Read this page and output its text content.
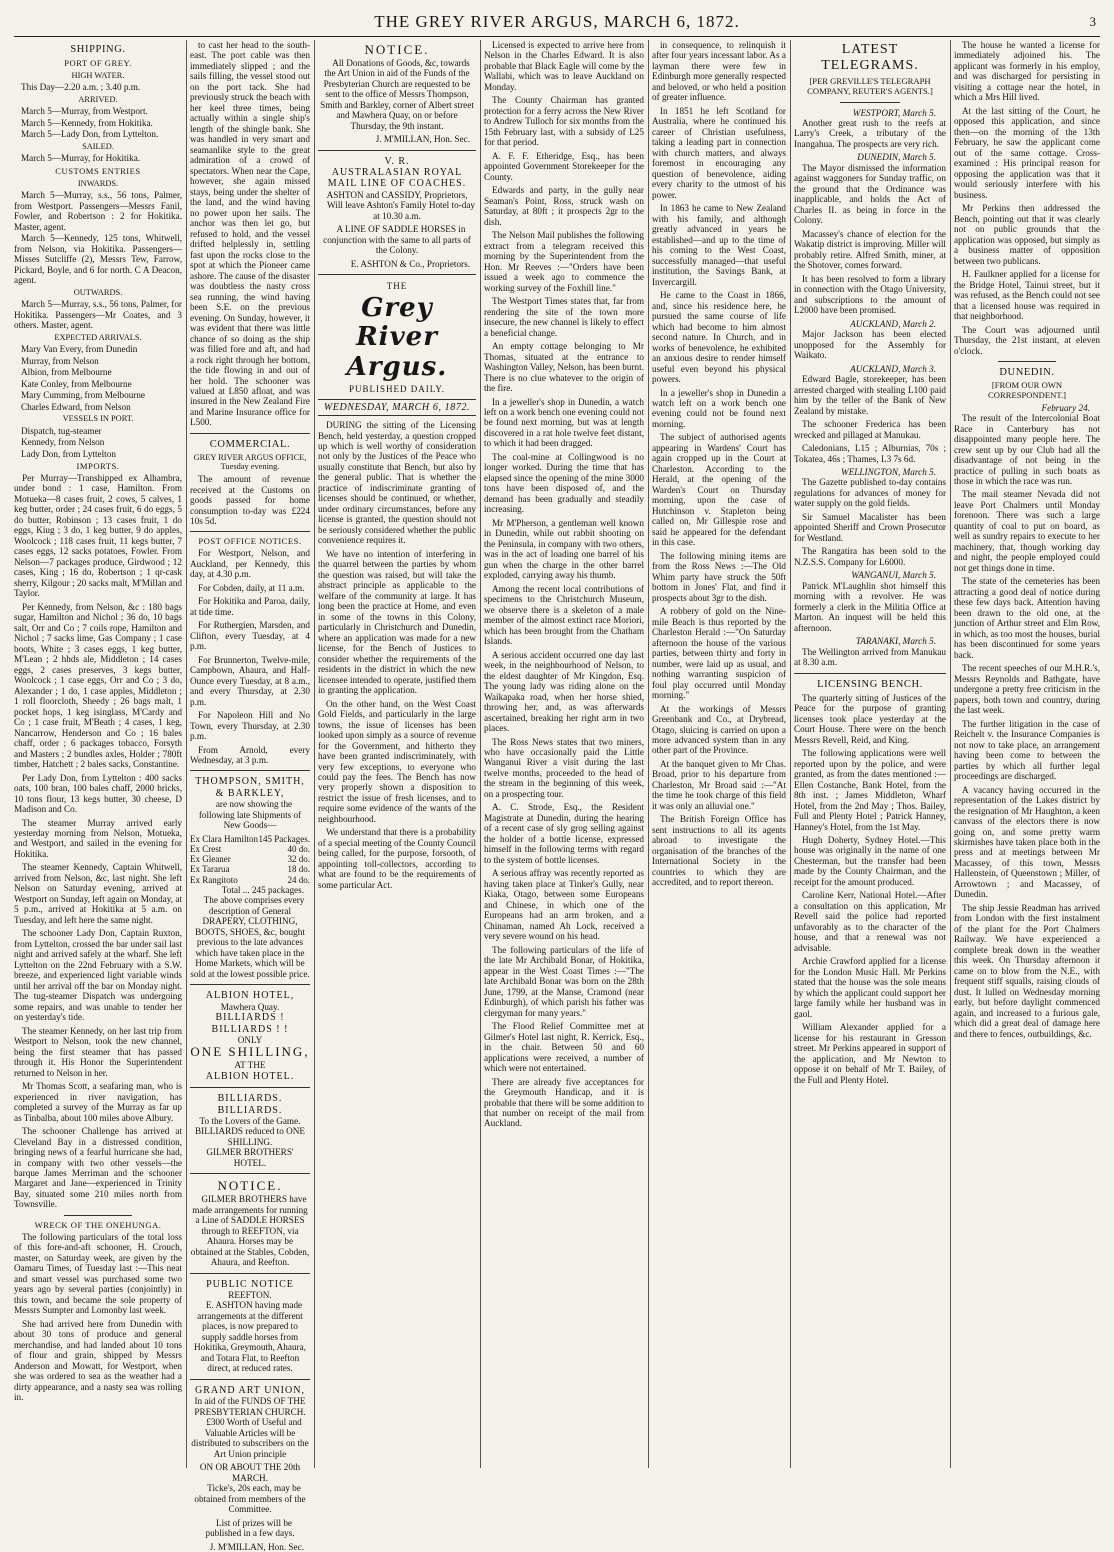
THE GREY RIVER ARGUS, MARCH 6, 1872.	3
SHIPPING.
PORT OF GREY.
HIGH WATER.
This Day—2.20 a.m. ; 3.40 p.m.
ARRIVED.
March 5—Murray, from Westport.
March 5—Kennedy, from Hokitika.
March 5—Lady Don, from Lyttelton.
SAILED.
March 5—Murray, for Hokitika.
CUSTOMS ENTRIES
INWARDS.
March 5—Murray, s.s., 56 tons, Palmer, from Westport. Passengers—Messrs Fanil, Fowler, and Robertson : 2 for Hokitika. Master, agent.
March 5—Kennedy, 125 tons, Whitwell, from Nelson, via Hokitika. Passengers—Misses Sutcliffe (2), Messrs Tew, Farrow, Pickard, Boyle, and 6 for north. C A Deacon, agent.
OUTWARDS.
March 5—Murray, s.s., 56 tons, Palmer, for Hokitika. Passengers—Mr Coates, and 3 others. Master, agent.
EXPECTED ARRIVALS.
Mary Van Every, from Dunedin
Murray, from Nelson
Albion, from Melbourne
Kate Conley, from Melbourne
Mary Cumming, from Melbourne
Charles Edward, from Nelson
VESSELS IN PORT.
Dispatch, tug-steamer
Kennedy, from Nelson
Lady Don, from Lyttelton
IMPORTS.

Per Murray—Transhipped ex Alhambra, under bond : 1 case, Hamilton. From Motueka—8 cases fruit, 2 cows, 5 calves, 1 keg butter, order ; 24 cases fruit, 6 do eggs, 5 do butter, Robinson ; 13 cases fruit, 1 do eggs, Kiug ; 3 do, 1 keg butter, 9 do apples, Woolcock ; 118 cases fruit, 11 kegs butter, 7 cases eggs, 12 sacks potatoes, Fowler. From Nelson—7 packages produce, Girdwood ; 12 cases, King ; 16 do, Robertson ; 1 qr-cask sherry, Kilgour ; 20 sacks malt, M'Millan and Taylor.

Per Kennedy, from Nelson, &c : 180 bags sugar, Hamilton and Nichol ; 36 do, 10 bags salt, Orr and Co ; 7 coils rope, Hamilton and Nichol ; 7 sacks lime, Gas Company ; 1 case boots, White ; 3 cases eggs, 1 keg butter, M'Lean ; 2 hhds ale, Middleton ; 14 cases eggs, 2 cases preserves, 3 kegs butter, Woolcock ; 1 case eggs, Orr and Co ; 3 do, Alexander ; 1 do, 1 case apples, Middleton ; 1 roll floorcloth, Sheedy ; 26 bags malt, 1 pocket hops, 1 keg isinglass, M'Cardy and Co ; 1 case fruit, M'Beath ; 4 cases, 1 keg, Nancarrow, Henderson and Co ; 16 bales chaff, order ; 6 packages tobacco, Forsyth and Masters ; 2 bundles axles, Holder ; 780ft timber, Hatchett ; 2 bales sacks, Constantine.

Per Lady Don, from Lyttelton : 400 sacks oats, 100 bran, 100 bales chaff, 2000 bricks, 10 tons flour, 13 kegs butter, 30 cheese, D Madison and Co.

The steamer Murray arrived early yesterday morning from Nelson, Motueka, and Westport, and sailed in the evening for Hokitika.

The steamer Kennedy, Captain Whitwell, arrived from Nelson, &c, last night. She left Nelson on Saturday evening, arrived at Westport on Sunday, left again on Monday, at 5 p.m., arrived at Hokitika at 5 a.m. on Tuesday, and left here the same night.

The schooner Lady Don, Captain Ruxton, from Lyttelton, crossed the bar under sail last night and arrived safely at the wharf. She left Lyttelton on the 22nd February with a S.W. breeze, and experienced light variable winds until her arrival off the bar on Monday night. The tug-steamer Dispatch was undergoing some repairs, and was unable to tender her on yesterday's tide.

The steamer Kennedy, on her last trip from Westport to Nelson, took the new channel, being the first steamer that has passed through it. His Honor the Superintendent returned to Nelson in her.

Mr Thomas Scott, a seafaring man, who is experienced in river navigation, has completed a survey of the Murray as far up as Tinbalba, about 100 miles above Albury.

The schooner Challenge has arrived at Cleveland Bay in a distressed condition, bringing news of a fearful hurricane she had, in company with two other vessels—the barque James Merriman and the schooner Margaret and Jane—experienced in Trinity Bay, situated some 210 miles north from Townsville.

WRECK OF THE ONEHUNGA.

The following particulars of the total loss of this fore-and-aft schooner, H. Crouch, master, on Saturday week, are given by the Oamaru Times, of Tuesday last :—This neat and smart vessel was purchased some two years ago by several parties (conjointly) in this town, and became the sole property of Messrs Sumpter and Lomonby last week.

She had arrived here from Dunedin with about 30 tons of produce and general merchandise, and had landed about 10 tons of flour and grain, shipped by Messrs Anderson and Mowatt, for Westport, when she was ordered to sea as the weather had a dirty appearance, and a nasty sea was rolling in.

to cast her head to the south-east. The port cable was then immediately slipped ; and the sails filling, the vessel stood out on the port tack. She had previously struck the beach with her keel three times, being actually within a single ship's length of the shingle bank. She was handled in very smart and seamanlike style to the great admiration of a crowd of spectators. When near the Cape, however, she again missed stays, being under the shelter of the land, and the wind having no power upon her sails. The anchor was then let go, but refused to hold, and the vessel drifted helplessly in, settling fast upon the rocks close to the spot at which the Pioneer came ashore. The cause of the disaster was doubtless the nasty cross sea running, the wind having been S.E. on the previous evening. On Sunday, however, it was evident that there was little chance of so doing as the ship was filled fore and aft, and had a rock right through her bottom, the tide flowing in and out of her hold. The schooner was valued at L850 afloat, and was insured in the New Zealand Fire and Marine Insurance office for L500.

COMMERCIAL.
GREY RIVER ARGUS OFFICE, Tuesday evening.

The amount of revenue received at the Customs on goods passed for home consumption to-day was £224 10s 5d.

POST OFFICE NOTICES.

For Westport, Nelson, and Auckland, per Kennedy, this day, at 4.30 p.m.

For Cobden, daily, at 11 a.m.

For Hokitika and Paroa, daily, at tide time.

For Ruthergien, Marsden, and Clifton, every Tuesday, at 4 p.m.

For Brunnerton, Twelve-mile, Campbown, Ahaura, and Half-Ounce every Tuesday, at 8 a.m., and every Thursday, at 2.30 p.m.

For Napoleon Hill and No Town, every Thursday, at 2.30 p.m.

From Arnold, every Wednesday, at 3 p.m.

THOMPSON, SMITH, & BARKLEY,

are now showing the following late Shipments of New Goods—

Ex Clara Hamilton 145 Packages.
Ex Crest	40 do.
Ex Gleaner	32 do.
Ex Tararua	18 do.
Ex Rangitoto	24 do.
Total ... 245 packages.

The above comprises every description of General DRAPERY, CLOTHING, BOOTS, SHOES, &c, bought previous to the late advances which have taken place in the Home Markets, which will be sold at the lowest possible price.

ALBION HOTEL,
Mawhera Quay.
BILLIARDS ! BILLIARDS ! !
ONLY
ONE SHILLING,
AT THE
ALBION HOTEL.
BILLIARDS. BILLIARDS.
To the Lovers of the Game.
BILLIARDS reduced to ONE SHILLING.
GILMER BROTHERS' HOTEL.
NOTICE.

GILMER BROTHERS have made arrangements for running a Line of SADDLE HORSES through to REEFTON, via Ahaura. Horses may be obtained at the Stables, Cobden, Ahaura, and Reefton.

PUBLIC NOTICE
REEFTON.

E. ASHTON having made arrangements at the different places, is now prepared to supply saddle horses from Hokitika, Greymouth, Ahaura, and Totara Flat, to Reefton direct, at reduced rates.

GRAND ART UNION,
In aid of the FUNDS OF THE PRESBYTERIAN CHURCH.

£300 Worth of Useful and Valuable Articles will be distributed to subscribers on the Art Union principle

ON OR ABOUT THE 20th MARCH.

Ticke's, 20s each, may be obtained from members of the Committee.

List of prizes will be published in a few days.

J. M'MILLAN, Hon. Sec.
NOTICE.

All Donations of Goods, &c, towards the Art Union in aid of the Funds of the Presbyterian Church are requested to be sent to the office of Messrs Thompson, Smith and Barkley, corner of Albert street and Mawhera Quay, on or before Thursday, the 9th instant.

J. M'MILLAN, Hon. Sec.
V. R.
AUSTRALASIAN ROYAL MAIL LINE OF COACHES.
ASHTON and CASSIDY, Proprietors,

Will leave Ashton's Family Hotel to-day at 10.30 a.m.

A LINE OF SADDLE HORSES in conjunction with the same to all parts of the Colony.

E. ASHTON & Co., Proprietors.
THE
Grey River Argus.
PUBLISHED DAILY.
WEDNESDAY, MARCH 6, 1872.

DURING the sitting of the Licensing Bench, held yesterday, a question cropped up which is well worthy of consideration not only by the Justices of the Peace who usually constitute that Bench, but also by the general public. That is whether the practice of indiscriminate granting of licenses should be continued, or whether, under ordinary circumstances, before any license is granted, the question should not be seriously considered whether the public convenience requires it.

We have no intention of interfering in the quarrel between the parties by whom the question was raised, but will take the abstract principle as applicable to the welfare of the community at large. It has long been the practice at Home, and even in some of the towns in this Colony, particularly in Christchurch and Dunedin, where an application was made for a new license, for the Bench of Justices to consider whether the requirements of the residents in the district in which the new licensee intended to operate, justified them in granting the application.

On the other hand, on the West Coast Gold Fields, and particularly in the large towns, the issue of licenses has been looked upon simply as a source of revenue for the Government, and hitherto they have been granted indiscriminately, with very few exceptions, to everyone who could pay the fees. The Bench has now very properly shown a disposition to restrict the issue of fresh licenses, and to require some evidence of the wants of the neighbourhood.

We understand that there is a probability of a special meeting of the County Council being called, for the purpose, forsooth, of appointing toll-collectors, according to what are found to be the requirements of some particular Act.

Licensed is expected to arrive here from Nelson in the Charles Edward. It is also probable that Black Eagle will come by the Wallabi, which was to leave Auckland on Monday.

The County Chairman has granted protection for a ferry across the New River to Andrew Tulloch for six months from the 15th February last, with a subsidy of L25 for that period.

A. F. F. Etheridge, Esq., has been appointed Government Storekeeper for the County.

Edwards and party, in the gully near Seaman's Point, Ross, struck wash on Saturday, at 80ft ; it prospects 2gr to the dish.

The Nelson Mail publishes the following extract from a telegram received this morning by the Superintendent from the Hon. Mr Reeves :—"Orders have been issued a week ago to commence the working survey of the Foxhill line."

The Westport Times states that, far from rendering the site of the town more insecure, the new channel is likely to effect a beneficial change.

An empty cottage belonging to Mr Thomas, situated at the entrance to Washington Valley, Nelson, has been burnt. There is no clue whatever to the origin of the fire.

In a jeweller's shop in Dunedin, a watch left on a work bench one evening could not be found next morning, but was at length discovered in a rat hole twelve feet distant, to which it had been dragged.

The coal-mine at Collingwood is no longer worked. During the time that has elapsed since the opening of the mine 3000 tons have been disposed of, and the demand has been gradually and steadily increasing.

Mr M'Pherson, a gentleman well known in Dunedin, while out rabbit shooting on the Peninsula, in company with two others, was in the act of loading one barrel of his gun when the charge in the other barrel exploded, carrying away his thumb.

Among the recent local contributions of specimens to the Christchurch Museum, we observe there is a skeleton of a male member of the almost extinct race Moriori, which has been brought from the Chatham Islands.

A serious accident occurred one day last week, in the neighbourhood of Nelson, to the eldest daughter of Mr Kingdon, Esq. The young lady was riding alone on the Waikapaka road, when her horse shied, throwing her, and, as was afterwards ascertained, breaking her right arm in two places.

The Ross News states that two miners, who have occasionally paid the Little Wanganui River a visit during the last twelve months, proceeded to the head of the stream in the beginning of this week, on a prospecting tour.

A. C. Strode, Esq., the Resident Magistrate at Dunedin, during the hearing of a recent case of sly grog selling against the holder of a bottle license, expressed himself in the following terms with regard to the system of bottle licenses.

A serious affray was recently reported as having taken place at Tinker's Gully, near Kiaka, Otago, between some Europeans and Chinese, in which one of the Europeans had an arm broken, and a Chinaman, named Ah Lock, received a very severe wound on his head.

The following particulars of the life of the late Mr Archibald Bonar, of Hokitika, appear in the West Coast Times :—"The late Archibald Bonar was born on the 28th June, 1799, at the Manse, Cramond (near Edinburgh), of which parish his father was clergyman for many years."

The Flood Relief Committee met at Gilmer's Hotel last night, R. Kerrick, Esq., in the chair. Between 50 and 60 applications were received, a number of which were not entertained.

There are already five acceptances for the Greymouth Handicap, and it is probable that there will be some addition to that number on receipt of the mail from Auckland.

in consequence, to relinquish it after four years incessant labor. As a layman there were few in Edinburgh more generally respected and beloved, or who held a position of greater influence.

In 1851 he left Scotland for Australia, where he continued his career of Christian usefulness, taking a leading part in connection with church matters, and always foremost in encouraging any question of benevolence, aiding every charity to the utmost of his power.

In 1863 he came to New Zealand with his family, and although greatly advanced in years he established—and up to the time of his coming to the West Coast, successfully managed—that useful institution, the Savings Bank, at Invercargill.

He came to the Coast in 1866, and, since his residence here, he pursued the same course of life which had become to him almost second nature. In Church, and in works of benevolence, he exhibited an anxious desire to render himself useful even beyond his physical powers.

In a jeweller's shop in Dunedin a watch left on a work bench one evening could not be found next morning.

The subject of authorised agents appearing in Wardens' Court has again cropped up in the Court at Charleston. According to the Herald, at the opening of the Warden's Court on Thursday morning, upon the case of Hutchinson v. Stapleton being called on, Mr Gillespie rose and said he appeared for the defendant in this case.

The following mining items are from the Ross News :—The Old Whim party have struck the 50ft bottom in Jones' Flat, and find it prospects about 3gr to the dish.

A robbery of gold on the Nine-mile Beach is thus reported by the Charleston Herald :—"On Saturday afternoon the house of the various parties, between thirty and forty in number, were laid up as usual, and nothing warranting suspicion of foul play occurred until Monday morning."

At the workings of Messrs Greenbank and Co., at Drybread, Otago, sluicing is carried on upon a more advanced system than in any other part of the Province.

At the banquet given to Mr Chas. Broad, prior to his departure from Charleston, Mr Broad said :—"At the time he took charge of this field it was only an alluvial one."

The British Foreign Office has sent instructions to all its agents abroad to investigate the organisation of the branches of the International Society in the countries to which they are accredited, and to report thereon.

LATEST TELEGRAMS.
[PER GREVILLE'S TELEGRAPH COMPANY, REUTER'S AGENTS.]
WESTPORT, March 5.

Another great rush to the reefs at Larry's Creek, a tributary of the Inangahua. The prospects are very rich.

DUNEDIN, March 5.

The Mayor dismissed the information against waggoners for Sunday traffic, on the ground that the Ordinance was inapplicable, and holds the Act of Charles II. as being in force in the Colony.

Macassey's chance of election for the Wakatip district is improving. Miller will probably retire. Alfred Smith, miner, at the Shotover, comes forward.

It has been resolved to form a library in connection with the Otago University, and subscriptions to the amount of L2000 have been promised.

AUCKLAND, March 2.

Major Jackson has been elected unopposed for the Assembly for Waikato.

AUCKLAND, March 3.

Edward Bagle, storekeeper, has been arrested charged with stealing L100 paid him by the teller of the Bank of New Zealand by mistake.

The schooner Frederica has been wrecked and pillaged at Manukau.

Caledonians, L15 ; Alburnias, 70s ; Tokatea, 46s ; Thames, L3 7s 6d.

WELLINGTON, March 5.

The Gazette published to-day contains regulations for advances of money for water supply on the gold fields.

Sir Samuel Macalister has been appointed Sheriff and Crown Prosecutor for Westland.

The Rangatira has been sold to the N.Z.S.S. Company for L6000.

WANGANUI, March 5.

Patrick M'Laughlin shot himself this morning with a revolver. He was formerly a clerk in the Militia Office at Marton. An inquest will be held this afternoon.

TARANAKI, March 5.

The Wellington arrived from Manukau at 8.30 a.m.

LICENSING BENCH.

The quarterly sitting of Justices of the Peace for the purpose of granting licenses took place yesterday at the Court House. There were on the bench Messrs Revell, Reid, and King.

The following applications were well reported upon by the police, and were granted, as from the dates mentioned :—Ellen Costanche, Bank Hotel, from the 8th inst. ; James Middleton, Wharf Hotel, from the 2nd May ; Thos. Bailey, Full and Plenty Hotel ; Patrick Hanney, Hanney's Hotel, from the 1st May.

Hugh Doherty, Sydney Hotel.—This house was originally in the name of one Chesterman, but the transfer had been made by the County Chairman, and the receipt for the amount produced.

Caroline Kerr, National Hotel.—After a consultation on this application, Mr Revell said the police had reported unfavorably as to the character of the house, and that a renewal was not advisable.

Archie Crawford applied for a license for the London Music Hall. Mr Perkins stated that the house was the sole means by which the applicant could support her large family while her husband was in gaol.

William Alexander applied for a license for his restaurant in Gresson street. Mr Perkins appeared in support of the application, and Mr Newton to oppose it on behalf of Mr T. Bailey, of the Full and Plenty Hotel.

The house he wanted a license for immediately adjoined his. The applicant was formerly in his employ, and was discharged for persisting in visiting a cottage near the hotel, in which a Mrs Hill lived.

At the last sitting of the Court, he opposed this application, and since then—on the morning of the 13th February, he saw the applicant come out of the same cottage. Cross-examined : His principal reason for opposing the application was that it would seriously interfere with his business.

Mr Perkins then addressed the Bench, pointing out that it was clearly not on public grounds that the application was opposed, but simply as a business matter of opposition between two publicans.

H. Faulkner applied for a license for the Bridge Hotel, Tainui street, but it was refused, as the Bench could not see that a licensed house was required in that neighborhood.

The Court was adjourned until Thursday, the 21st instant, at eleven o'clock.

DUNEDIN.
[FROM OUR OWN CORRESPONDENT.]
February 24.

The result of the Intercolonial Boat Race in Canterbury has not disappointed many people here. The crew sent up by our Club had all the disadvantage of not being in the practice of pulling in such boats as those in which the race was run.

The mail steamer Nevada did not leave Port Chalmers until Monday forenoon. There was such a large quantity of coal to put on board, as well as sundry repairs to execute to her machinery, that, though working day and night, the people employed could not get things done in time.

The state of the cemeteries has been attracting a good deal of notice during these few days back. Attention having been drawn to the old one, at the junction of Arthur street and Elm Row, in which, as too most the houses, burial has been discontinued for some years back.

The recent speeches of our M.H.R.'s, Messrs Reynolds and Bathgate, have undergone a pretty free criticism in the papers, both town and country, during the last week.

The further litigation in the case of Reichelt v. the Insurance Companies is not now to take place, an arrangement having been come to between the parties by which all further legal proceedings are discharged.

A vacancy having occurred in the representation of the Lakes district by the resignation of Mr Haughton, a keen canvass of the electors there is now going on, and some pretty warm skirmishes have taken place both in the press and at meetings between Mr Macassey, of this town, Messrs Hallenstein, of Queenstown ; Miller, of Arrowtown ; and Macassey, of Dunedin.

The ship Jessie Readman has arrived from London with the first instalment of the plant for the Port Chalmers Railway. We have experienced a complete break down in the weather this week. On Thursday afternoon it came on to blow from the N.E., with frequent stiff squalls, raising clouds of dust. It lulled on Wednesday morning early, but before daylight commenced again, and increased to a furious gale, which did a great deal of damage here and there to fences, outbuildings, &c.
